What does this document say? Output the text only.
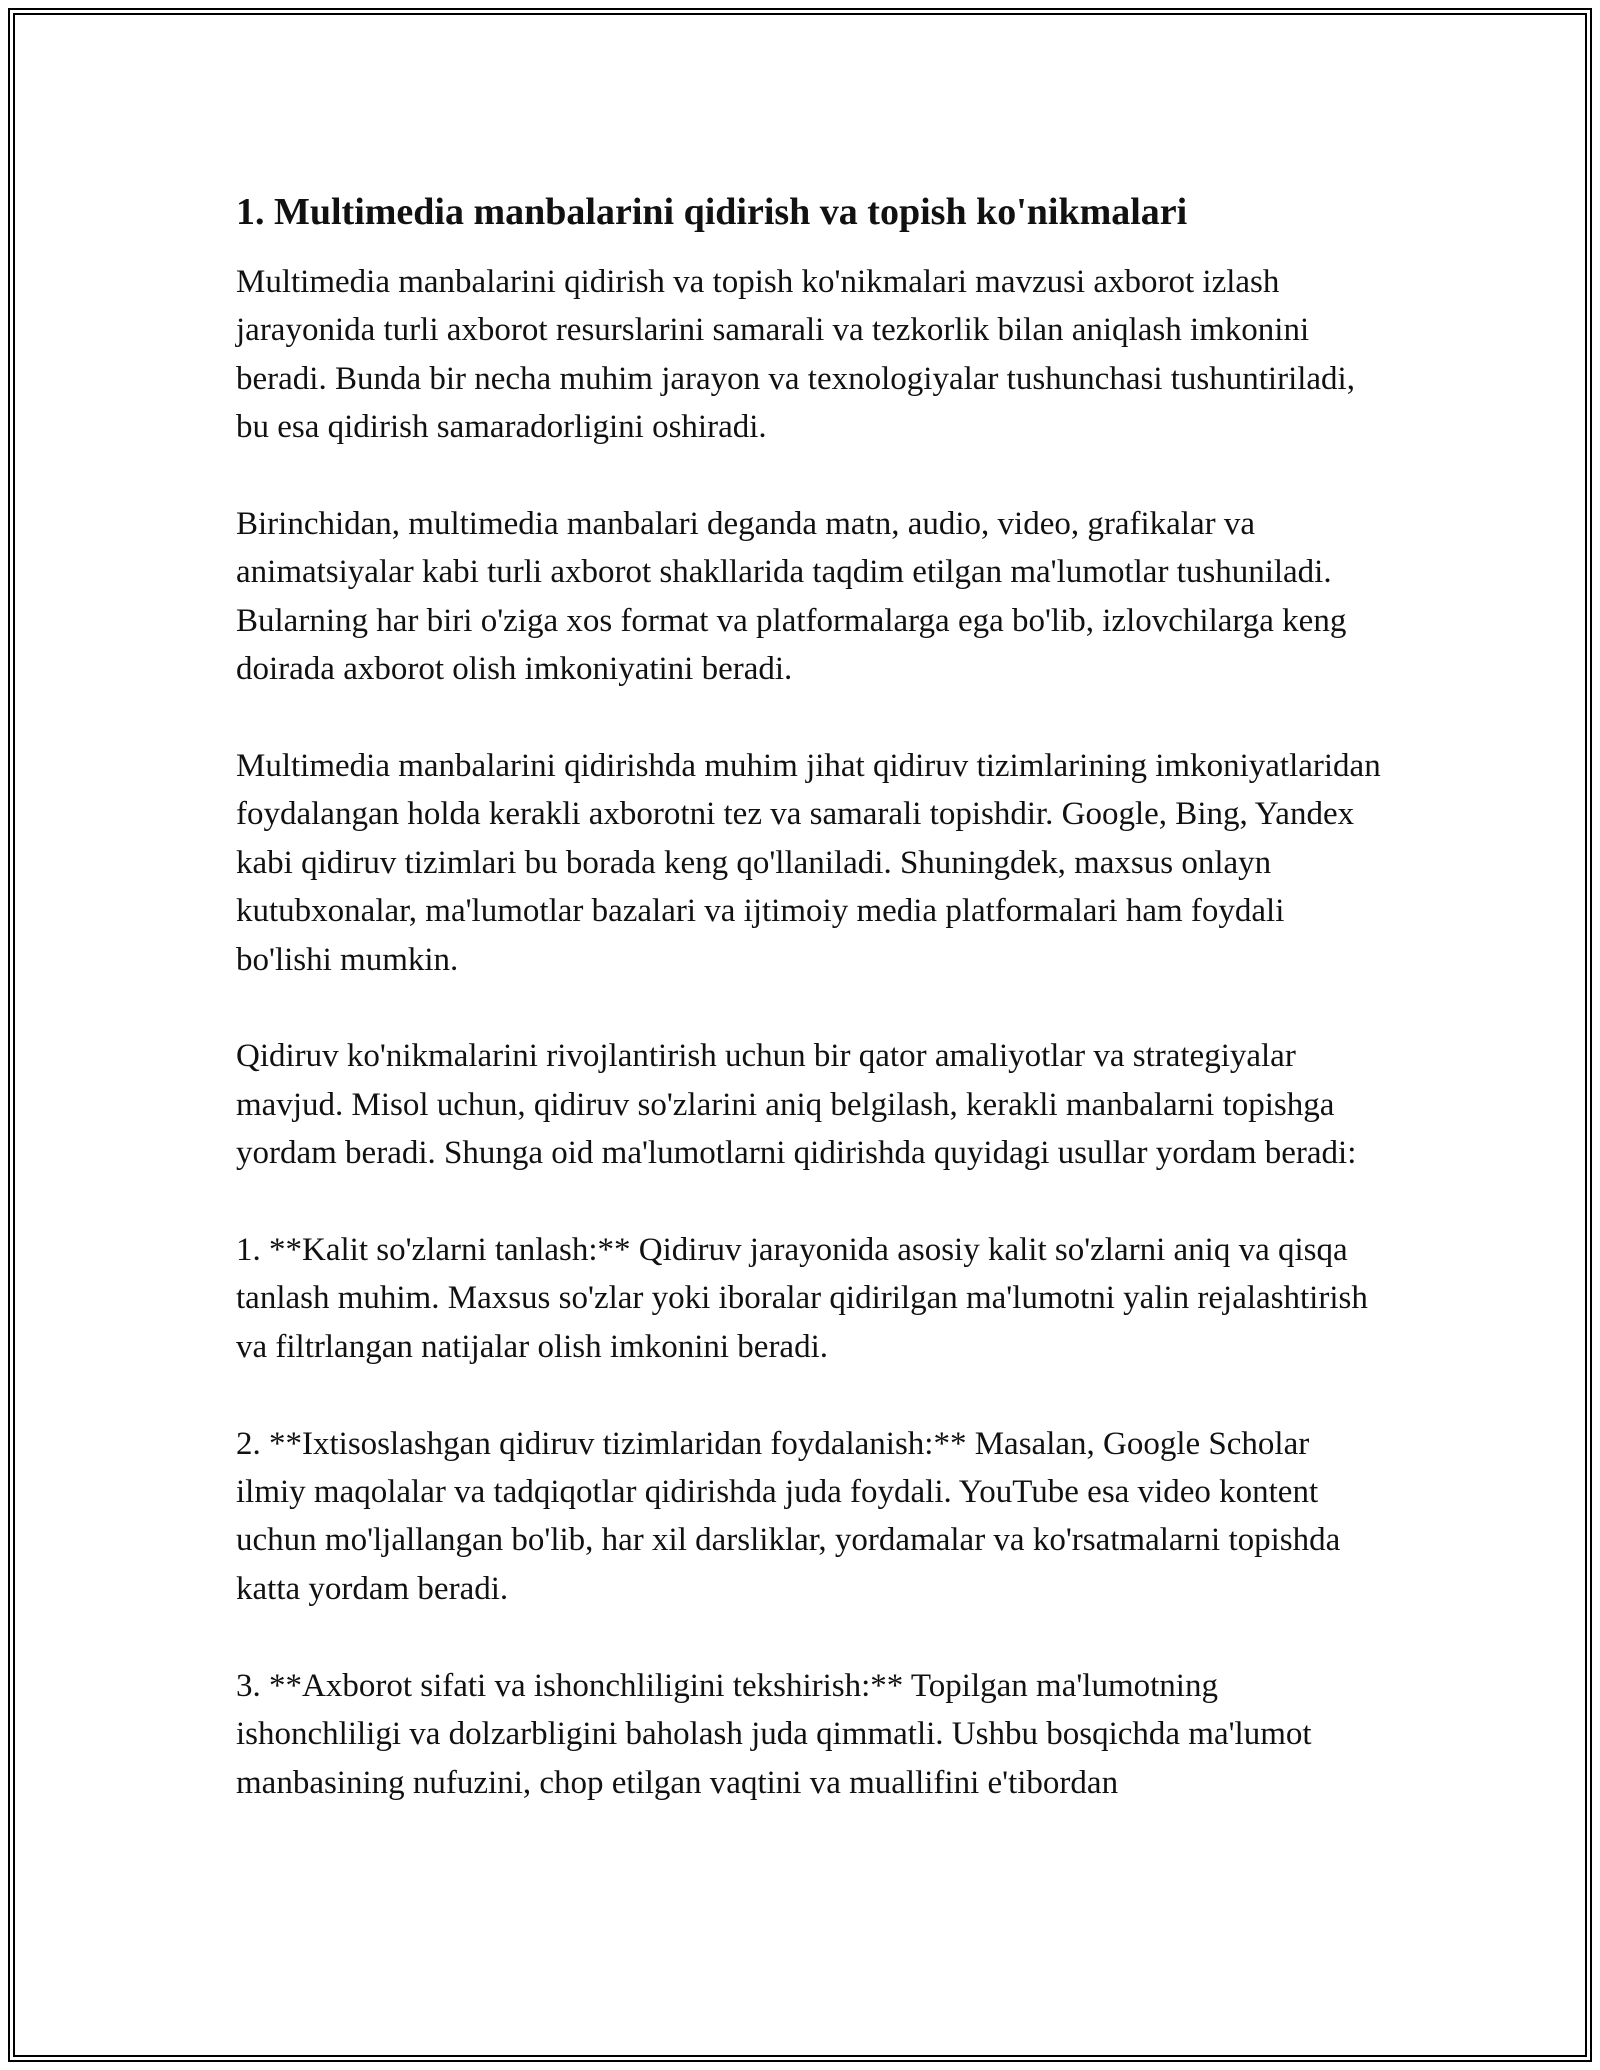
1. Multimedia manbalarini qidirish va topish ko'nikmalari

Multimedia manbalarini qidirish va topish ko'nikmalari mavzusi axborot izlash jarayonida turli axborot resurslarini samarali va tezkorlik bilan aniqlash imkonini beradi. Bunda bir necha muhim jarayon va texnologiyalar tushunchasi tushuntiriladi, bu esa qidirish samaradorligini oshiradi.

Birinchidan, multimedia manbalari deganda matn, audio, video, grafikalar va animatsiyalar kabi turli axborot shakllarida taqdim etilgan ma'lumotlar tushuniladi. Bularning har biri o'ziga xos format va platformalarga ega bo'lib, izlovchilarga keng doirada axborot olish imkoniyatini beradi.

Multimedia manbalarini qidirishda muhim jihat qidiruv tizimlarining imkoniyatlaridan foydalangan holda kerakli axborotni tez va samarali topishdir. Google, Bing, Yandex kabi qidiruv tizimlari bu borada keng qo'llaniladi. Shuningdek, maxsus onlayn kutubxonalar, ma'lumotlar bazalari va ijtimoiy media platformalari ham foydali bo'lishi mumkin.

Qidiruv ko'nikmalarini rivojlantirish uchun bir qator amaliyotlar va strategiyalar mavjud. Misol uchun, qidiruv so'zlarini aniq belgilash, kerakli manbalarni topishga yordam beradi. Shunga oid ma'lumotlarni qidirishda quyidagi usullar yordam beradi:

1. **Kalit so'zlarni tanlash:** Qidiruv jarayonida asosiy kalit so'zlarni aniq va qisqa tanlash muhim. Maxsus so'zlar yoki iboralar qidirilgan ma'lumotni yalin rejalashtirish va filtrlangan natijalar olish imkonini beradi.

2. **Ixtisoslashgan qidiruv tizimlaridan foydalanish:** Masalan, Google Scholar ilmiy maqolalar va tadqiqotlar qidirishda juda foydali. YouTube esa video kontent uchun mo'ljallangan bo'lib, har xil darsliklar, yordamalar va ko'rsatmalarni topishda katta yordam beradi.

3. **Axborot sifati va ishonchliligini tekshirish:** Topilgan ma'lumotning ishonchliligi va dolzarbligini baholash juda qimmatli. Ushbu bosqichda ma'lumot manbasining nufuzini, chop etilgan vaqtini va muallifini e'tibordan
